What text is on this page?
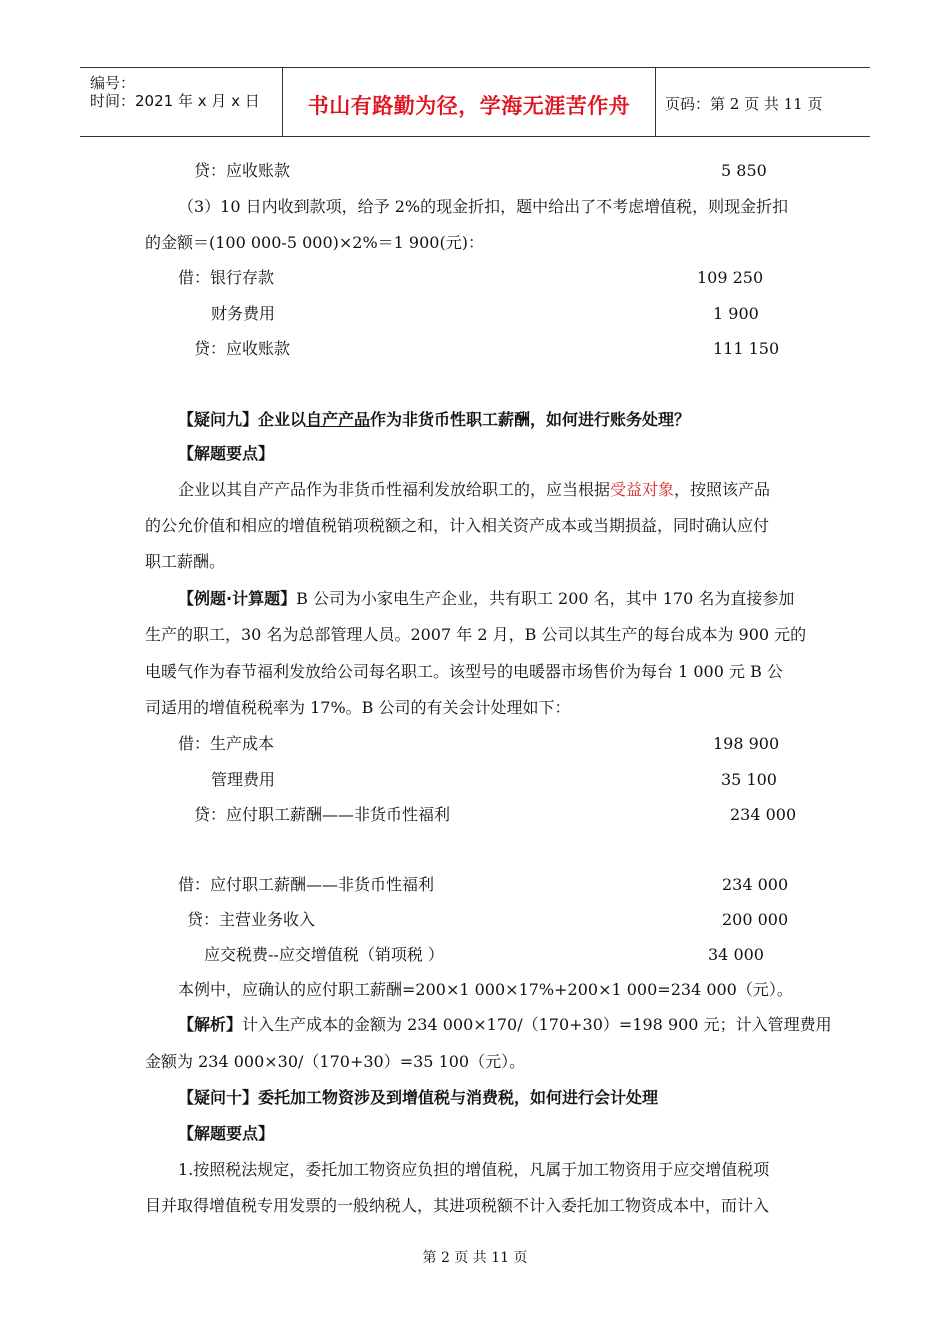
编号：
时间：2021 年 x 月 x 日	书山有路勤为径，学海无涯苦作舟	页码：第 2 页 共 11 页
贷：应收账款	5 850
（3）10 日内收到款项，给予 2%的现金折扣，题中给出了不考虑增值税，则现金折扣
的金额＝(100 000-5 000)×2%＝1 900(元)：
借：银行存款	109 250
财务费用	1 900
贷：应收账款	111 150
【疑问九】企业以自产产品作为非货币性职工薪酬，如何进行账务处理？
【解题要点】
企业以其自产产品作为非货币性福利发放给职工的，应当根据受益对象，按照该产品
的公允价值和相应的增值税销项税额之和，计入相关资产成本或当期损益，同时确认应付
职工薪酬。
【例题·计算题】B 公司为小家电生产企业，共有职工 200 名，其中 170 名为直接参加
生产的职工，30 名为总部管理人员。2007 年 2 月，B 公司以其生产的每台成本为 900 元的
电暖气作为春节福利发放给公司每名职工。该型号的电暖器市场售价为每台 1 000 元 B 公
司适用的增值税税率为 17%。B 公司的有关会计处理如下：
借：生产成本	198 900
管理费用	35 100
贷：应付职工薪酬——非货币性福利	234 000
借：应付职工薪酬——非货币性福利	234 000
贷：主营业务收入	200 000
应交税费--应交增值税（销项税 ）	34 000
本例中，应确认的应付职工薪酬=200×1 000×17%+200×1 000=234 000（元）。
【解析】计入生产成本的金额为 234 000×170/（170+30）=198 900 元；计入管理费用
金额为 234 000×30/（170+30）=35 100（元）。
【疑问十】委托加工物资涉及到增值税与消费税，如何进行会计处理
【解题要点】
1.按照税法规定，委托加工物资应负担的增值税，凡属于加工物资用于应交增值税项
目并取得增值税专用发票的一般纳税人，其进项税额不计入委托加工物资成本中，而计入
第 2 页 共 11 页
